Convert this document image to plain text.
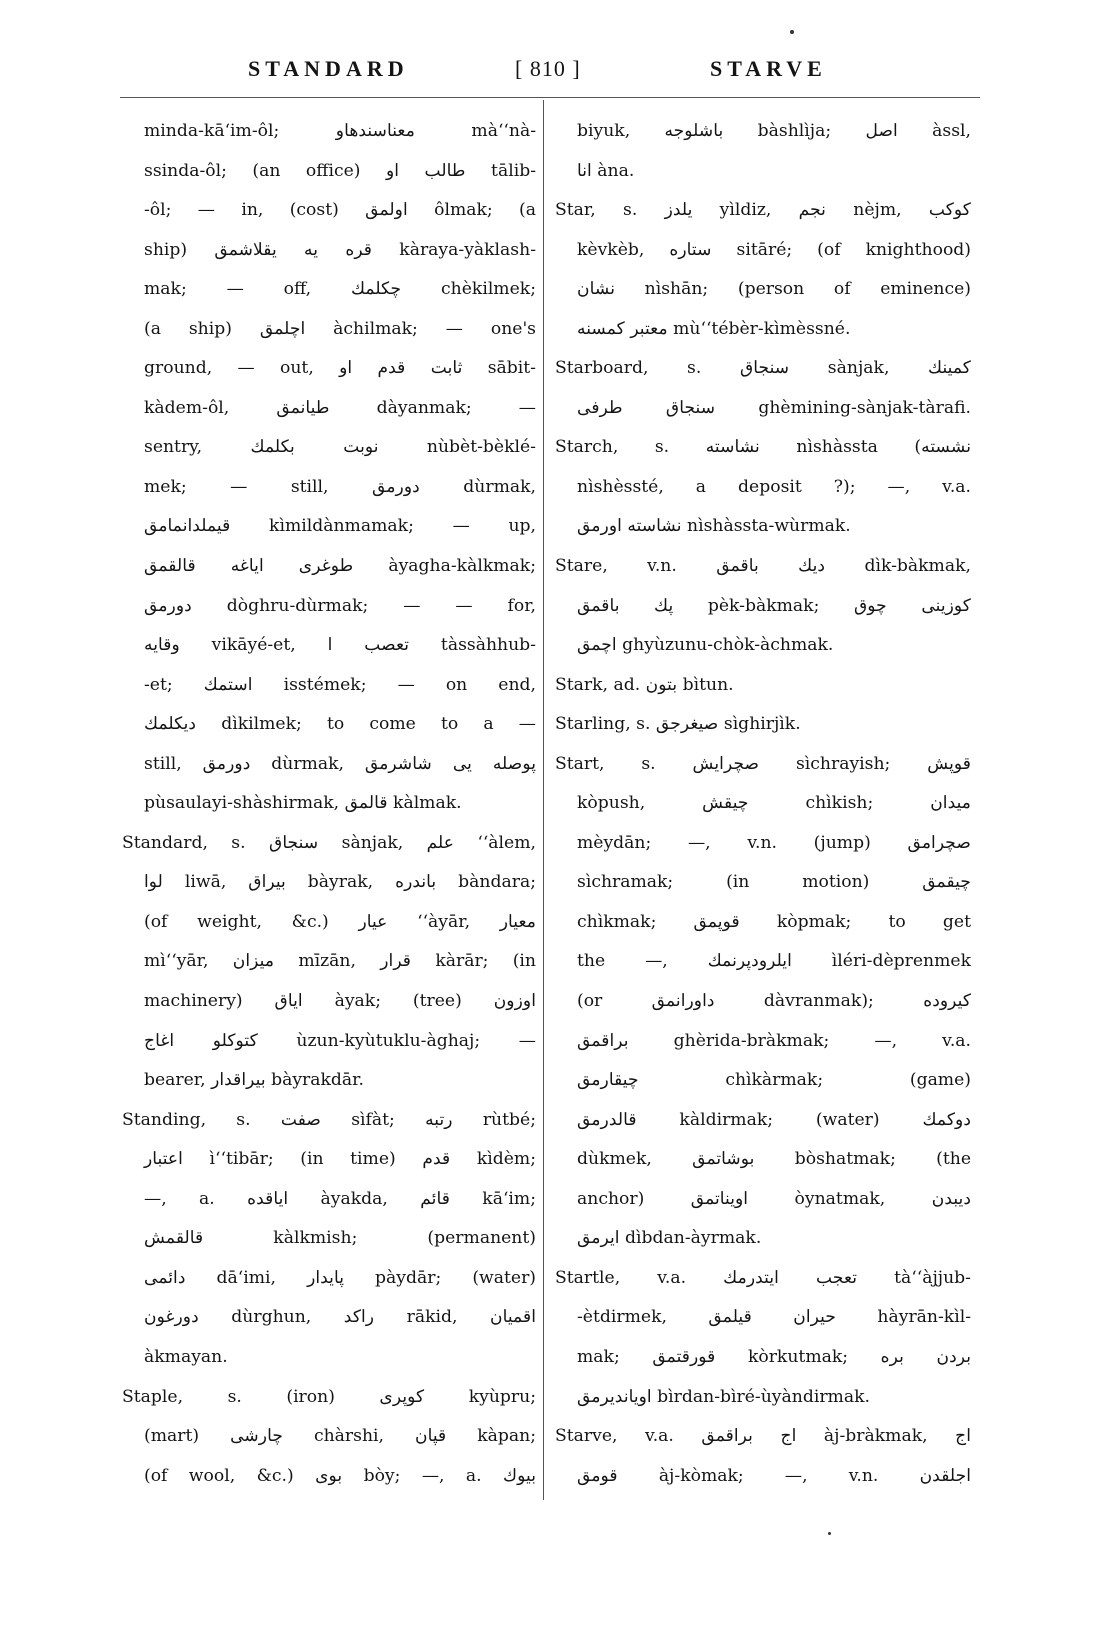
STANDARD	[ 810 ]	STARVE
minda-kāʻim-ôl; معناسندهاو mà‘‘nà-
ssinda-ôl; (an office) طالب او tālib-
-ôl; — in, (cost) اولمق ôlmak; (a
ship) قره یه یقلاشمق kàraya-yàklash-
mak; — off, چکلمك chèkilmek;
(a ship) اچلمق àchilmak; — one's
ground, — out, ثابت قدم او sābit-
kàdem-ôl, طيانمق dàyanmak; —
sentry, نوبت بکلمك nùbèt-bèklé-
mek; — still, دورمق dùrmak,
قيملدانمامق kìmildànmamak; — up,
طوغری اياغه قالقمق àyagha-kàlkmak;
دورمق dòghru-dùrmak; — — for,
وقايه vikāyé-et, تعصب ا tàssàhhub-
-et; استمك isstémek; — on end,
ديكلمك dìkilmek; to come to a —
still, دورمق dùrmak, پوصله یی شاشرمق
pùsaulayi-shàshirmak, قالمق kàlmak.
Standard, s. سنجاق sànjak, علم ‘‘àlem,
لوا liwā, بيراق bàyrak, باندره bàndara;
(of weight, &c.) عيار ‘‘àyār, معيار
mì‘‘yār, ميزان mīzān, قرار kàrār; (in
machinery) اياق àyak; (tree) اوزون
كتوكلو اغاج ùzun-kyùtuklu-àghaj; —
bearer, بيراقدار bàyrakdār.
Standing, s. صفت sìfàt; رتبه rùtbé;
اعتبار ì‘‘tibār; (in time) قدم kìdèm;
—, a. اياقده àyakda, قائم kāʻim;
قالقمش kàlkmish; (permanent)
دائمی dāʻimi, پايدار pàydār; (water)
دورغون dùrghun, راكد rākid, اقميان
àkmayan.
Staple, s. (iron) کوپری kyùpru;
(mart) چارشی chàrshi, قپان kàpan;
(of wool, &c.) بوی bòy; —, a. بيوك
biyuk, باشلوجه bàshlìja; اصل àssl,
انا àna.
Star, s. يلدز yìldiz, نجم nèjm, كوكب
kèvkèb, ستاره sitāré; (of knighthood)
نشان nìshān; (person of eminence)
معتبر كمسنه mù‘‘tébèr-kìmèssné.
Starboard, s. سنجاق sànjak, كمينك
سنجاق طرفی ghèmining-sànjak-tàrafi.
Starch, s. نشاسته nìshàssta (نشسته
nìshèssté, a deposit ?); —, v.a.
نشاسته اورمق nìshàssta-wùrmak.
Stare, v.n. ديك باقمق dìk-bàkmak,
پك باقمق pèk-bàkmak; كوزينی چوق
اچمق ghyùzunu-chòk-àchmak.
Stark, ad. بتون bìtun.
Starling, s. صيغرجق sìghirjìk.
Start, s. صچرايش sìchrayish; قوپش
kòpush, چيقش chìkish; ميدان
mèydān; —, v.n. (jump) صچرامق
sìchramak; (in motion) چيقمق
chìkmak; قوپمق kòpmak; to get
the —, ايلرودپرنمك ìléri-dèprenmek
(or داورانمق dàvranmak); كيروده
براقمق ghèrida-bràkmak; —, v.a.
چيقارمق chìkàrmak; (game)
قالدرمق kàldirmak; (water) دوكمك
dùkmek, بوشاتمق bòshatmak; (the
anchor) اويناتمق òynatmak, ديبدن
ايرمق dìbdan-àyrmak.
Startle, v.a. تعجب ايتدرمك tà‘‘àjjub-
-ètdirmek, حيران قيلمق hàyrān-kìl-
mak; قورقتمق kòrkutmak; بردن بره
اويانديرمق bìrdan-bìré-ùyàndirmak.
Starve, v.a. اج براقمق àj-bràkmak, اج
قومق àj-kòmak; —, v.n. اجلقدن
